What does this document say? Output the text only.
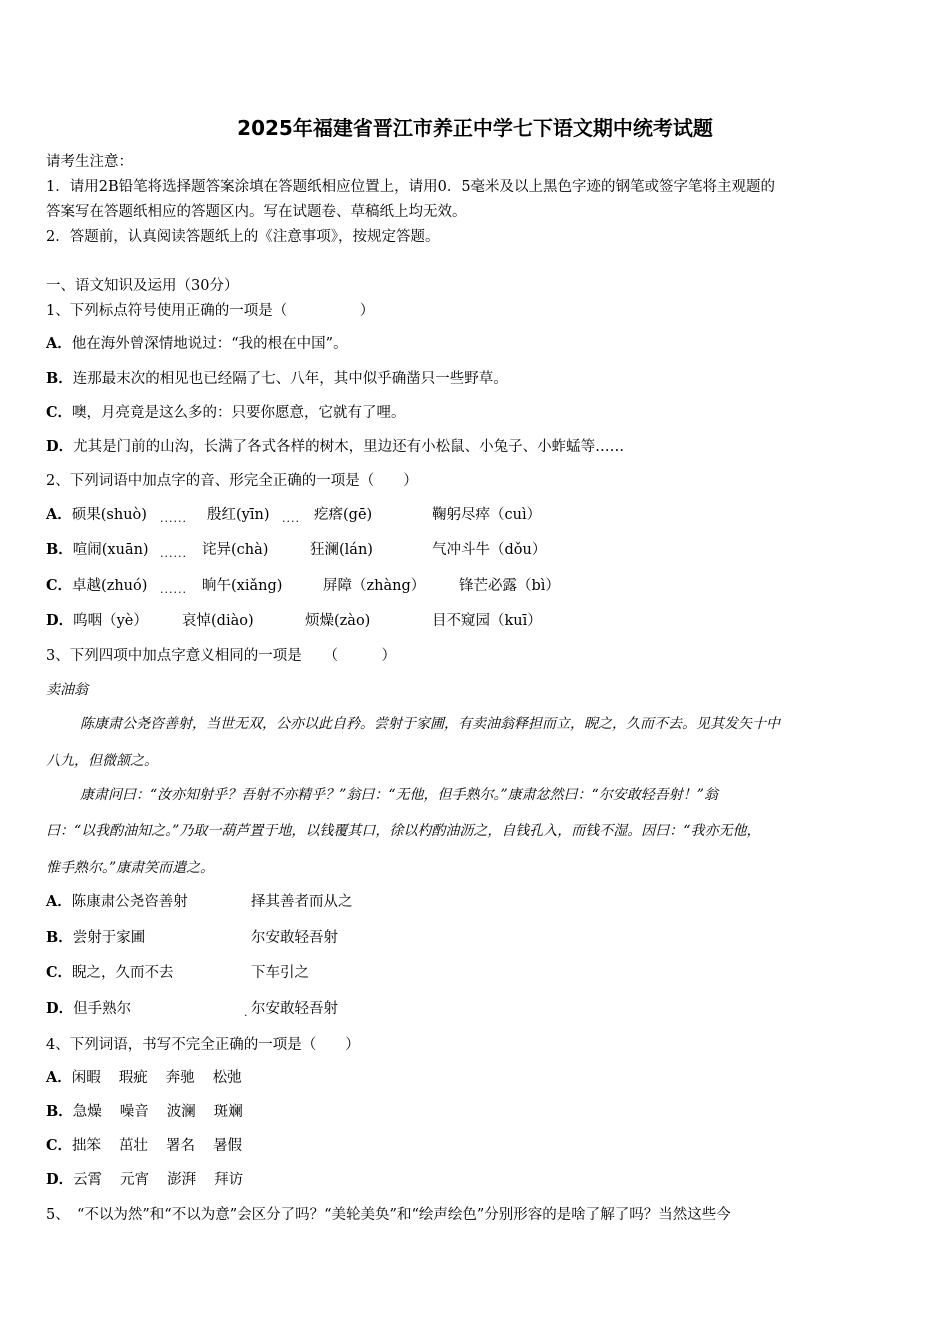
2025年福建省晋江市养正中学七下语文期中统考试题
请考生注意：
1．请用2B铅笔将选择题答案涂填在答题纸相应位置上，请用0．5毫米及以上黑色字迹的钢笔或签字笔将主观题的
答案写在答题纸相应的答题区内。写在试题卷、草稿纸上均无效。
2．答题前，认真阅读答题纸上的《注意事项》，按规定答题。
一、语文知识及运用（30分）
1、下列标点符号使用正确的一项是（　　　　　）
A．他在海外曾深情地说过：“我的根在中国”。
B．连那最末次的相见也已经隔了七、八年，其中似乎确凿只一些野草。
C．噢，月亮竟是这么多的：只要你愿意，它就有了哩。
D．尤其是门前的山沟，长满了各式各样的树木，里边还有小松鼠、小兔子、小蚱蜢等……
2、下列词语中加点字的音、形完全正确的一项是（　　）
A．硕果(shuò)	殷红(yīn)	疙瘩(gē)	鞠躬尽瘁（cuì）
......	....
B．喧闹(xuān)	诧异(chà)	狂澜(lán)	气冲斗牛（dǒu）
......
C．卓越(zhuó)	晌午(xiǎng)	屏障（zhàng） 锋芒必露（bì）
......
D．呜咽（yè） 哀悼(diào)	烦燥(zào)	目不窥园（kuī）
3、下列四项中加点字意义相同的一项是　　（　　　）
卖油翁
陈康肃公尧咨善射，当世无双，公亦以此自矜。尝射于家圃，有卖油翁释担而立，睨之，久而不去。见其发矢十中
八九，但微颔之。
康肃问曰：“汝亦知射乎？吾射不亦精乎？”翁曰：“无他，但手熟尔。”康肃忿然曰：“尔安敢轻吾射！”翁
曰：“以我酌油知之。”乃取一葫芦置于地，以钱覆其口，徐以杓酌油沥之，自钱孔入，而钱不湿。因曰：“我亦无他，
惟手熟尔。”康肃笑而遣之。
A．陈康肃公尧咨善射	择其善者而从之
B．尝射于家圃	尔安敢轻吾射
C．睨之，久而不去	下车引之
D．但手熟尔	尔安敢轻吾射
.
4、下列词语，书写不完全正确的一项是（　　）
A．闲暇 瑕疵 奔驰 松弛
B．急燥 噪音 波澜 斑斓
C．拙笨 茁壮 署名 暑假
D．云霄 元宵 澎湃 拜访
5、　“不以为然”和“不以为意”会区分了吗？“美轮美奂”和“绘声绘色”分别形容的是啥了解了吗？当然这些今
